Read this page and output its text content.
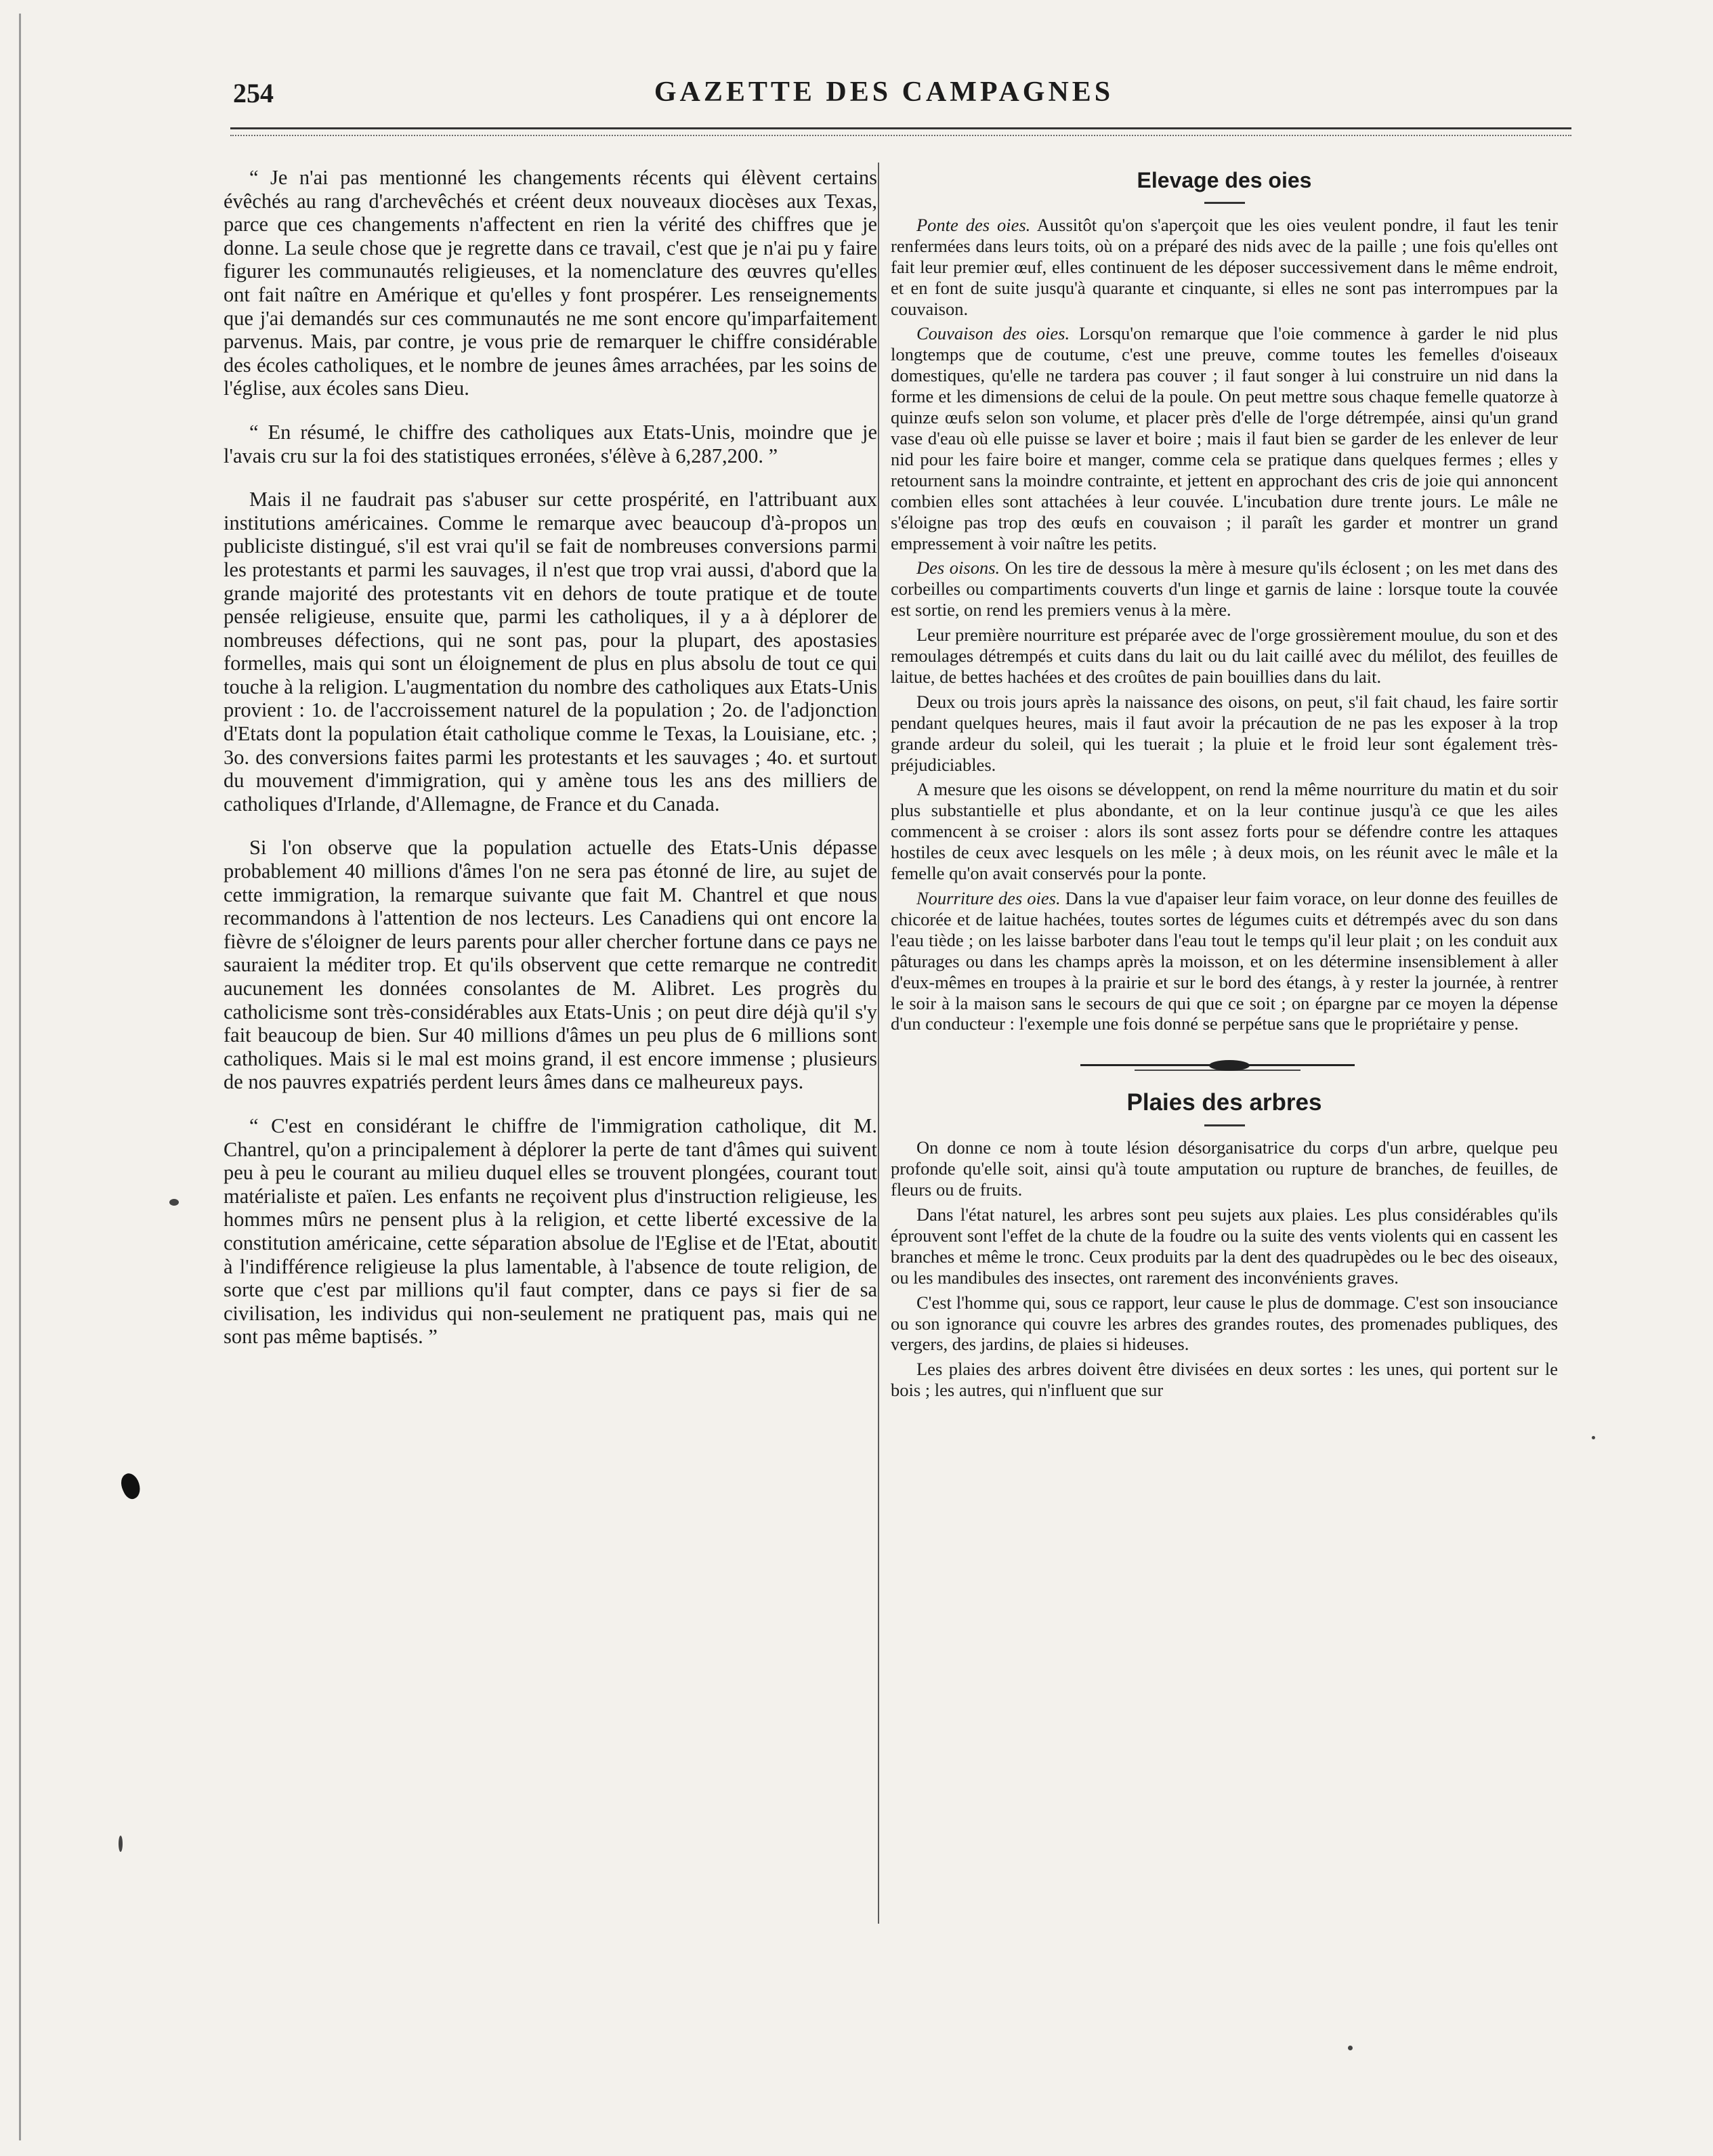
254	GAZETTE DES CAMPAGNES

“ Je n'ai pas mentionné les changements récents qui élèvent certains évêchés au rang d'archevêchés et créent deux nouveaux diocèses aux Texas, parce que ces changements n'affectent en rien la vérité des chiffres que je donne. La seule chose que je regrette dans ce travail, c'est que je n'ai pu y faire figurer les communautés religieuses, et la nomenclature des œuvres qu'elles ont fait naître en Amérique et qu'elles y font prospérer. Les renseignements que j'ai demandés sur ces communautés ne me sont encore qu'imparfaitement parvenus. Mais, par contre, je vous prie de remarquer le chiffre considérable des écoles catholiques, et le nombre de jeunes âmes arrachées, par les soins de l'église, aux écoles sans Dieu.

“ En résumé, le chiffre des catholiques aux Etats-Unis, moindre que je l'avais cru sur la foi des statistiques erronées, s'élève à 6,287,200. ”

Mais il ne faudrait pas s'abuser sur cette prospérité, en l'attribuant aux institutions américaines. Comme le remarque avec beaucoup d'à-propos un publiciste distingué, s'il est vrai qu'il se fait de nombreuses conversions parmi les protestants et parmi les sauvages, il n'est que trop vrai aussi, d'abord que la grande majorité des protestants vit en dehors de toute pratique et de toute pensée religieuse, ensuite que, parmi les catholiques, il y a à déplorer de nombreuses défections, qui ne sont pas, pour la plupart, des apostasies formelles, mais qui sont un éloignement de plus en plus absolu de tout ce qui touche à la religion. L'augmentation du nombre des catholiques aux Etats-Unis provient : 1o. de l'accroissement naturel de la population ; 2o. de l'adjonction d'Etats dont la population était catholique comme le Texas, la Louisiane, etc. ; 3o. des conversions faites parmi les protestants et les sauvages ; 4o. et surtout du mouvement d'immigration, qui y amène tous les ans des milliers de catholiques d'Irlande, d'Allemagne, de France et du Canada.

Si l'on observe que la population actuelle des Etats-Unis dépasse probablement 40 millions d'âmes l'on ne sera pas étonné de lire, au sujet de cette immigration, la remarque suivante que fait M. Chantrel et que nous recommandons à l'attention de nos lecteurs. Les Canadiens qui ont encore la fièvre de s'éloigner de leurs parents pour aller chercher fortune dans ce pays ne sauraient la méditer trop. Et qu'ils observent que cette remarque ne contredit aucunement les données consolantes de M. Alibret. Les progrès du catholicisme sont très-considérables aux Etats-Unis ; on peut dire déjà qu'il s'y fait beaucoup de bien. Sur 40 millions d'âmes un peu plus de 6 millions sont catholiques. Mais si le mal est moins grand, il est encore immense ; plusieurs de nos pauvres expatriés perdent leurs âmes dans ce malheureux pays.

“ C'est en considérant le chiffre de l'immigration catholique, dit M. Chantrel, qu'on a principalement à déplorer la perte de tant d'âmes qui suivent peu à peu le courant au milieu duquel elles se trouvent plongées, courant tout matérialiste et païen. Les enfants ne reçoivent plus d'instruction religieuse, les hommes mûrs ne pensent plus à la religion, et cette liberté excessive de la constitution américaine, cette séparation absolue de l'Eglise et de l'Etat, aboutit à l'indifférence religieuse la plus lamentable, à l'absence de toute religion, de sorte que c'est par millions qu'il faut compter, dans ce pays si fier de sa civilisation, les individus qui non-seulement ne pratiquent pas, mais qui ne sont pas même baptisés. ”

Elevage des oies

Ponte des oies. Aussitôt qu'on s'aperçoit que les oies veulent pondre, il faut les tenir renfermées dans leurs toits, où on a préparé des nids avec de la paille ; une fois qu'elles ont fait leur premier œuf, elles continuent de les déposer successivement dans le même endroit, et en font de suite jusqu'à quarante et cinquante, si elles ne sont pas interrompues par la couvaison.

Couvaison des oies. Lorsqu'on remarque que l'oie commence à garder le nid plus longtemps que de coutume, c'est une preuve, comme toutes les femelles d'oiseaux domestiques, qu'elle ne tardera pas couver ; il faut songer à lui construire un nid dans la forme et les dimensions de celui de la poule. On peut mettre sous chaque femelle quatorze à quinze œufs selon son volume, et placer près d'elle de l'orge détrempée, ainsi qu'un grand vase d'eau où elle puisse se laver et boire ; mais il faut bien se garder de les enlever de leur nid pour les faire boire et manger, comme cela se pratique dans quelques fermes ; elles y retournent sans la moindre contrainte, et jettent en approchant des cris de joie qui annoncent combien elles sont attachées à leur couvée. L'incubation dure trente jours. Le mâle ne s'éloigne pas trop des œufs en couvaison ; il paraît les garder et montrer un grand empressement à voir naître les petits.

Des oisons. On les tire de dessous la mère à mesure qu'ils éclosent ; on les met dans des corbeilles ou compartiments couverts d'un linge et garnis de laine : lorsque toute la couvée est sortie, on rend les premiers venus à la mère.

Leur première nourriture est préparée avec de l'orge grossièrement moulue, du son et des remoulages détrempés et cuits dans du lait ou du lait caillé avec du mélilot, des feuilles de laitue, de bettes hachées et des croûtes de pain bouillies dans du lait.

Deux ou trois jours après la naissance des oisons, on peut, s'il fait chaud, les faire sortir pendant quelques heures, mais il faut avoir la précaution de ne pas les exposer à la trop grande ardeur du soleil, qui les tuerait ; la pluie et le froid leur sont également très-préjudiciables.

A mesure que les oisons se développent, on rend la même nourriture du matin et du soir plus substantielle et plus abondante, et on la leur continue jusqu'à ce que les ailes commencent à se croiser : alors ils sont assez forts pour se défendre contre les attaques hostiles de ceux avec lesquels on les mêle ; à deux mois, on les réunit avec le mâle et la femelle qu'on avait conservés pour la ponte.

Nourriture des oies. Dans la vue d'apaiser leur faim vorace, on leur donne des feuilles de chicorée et de laitue hachées, toutes sortes de légumes cuits et détrempés avec du son dans l'eau tiède ; on les laisse barboter dans l'eau tout le temps qu'il leur plait ; on les conduit aux pâturages ou dans les champs après la moisson, et on les détermine insensiblement à aller d'eux-mêmes en troupes à la prairie et sur le bord des étangs, à y rester la journée, à rentrer le soir à la maison sans le secours de qui que ce soit ; on épargne par ce moyen la dépense d'un conducteur : l'exemple une fois donné se perpétue sans que le propriétaire y pense.

Plaies des arbres

On donne ce nom à toute lésion désorganisatrice du corps d'un arbre, quelque peu profonde qu'elle soit, ainsi qu'à toute amputation ou rupture de branches, de feuilles, de fleurs ou de fruits.

Dans l'état naturel, les arbres sont peu sujets aux plaies. Les plus considérables qu'ils éprouvent sont l'effet de la chute de la foudre ou la suite des vents violents qui en cassent les branches et même le tronc. Ceux produits par la dent des quadrupèdes ou le bec des oiseaux, ou les mandibules des insectes, ont rarement des inconvénients graves.

C'est l'homme qui, sous ce rapport, leur cause le plus de dommage. C'est son insouciance ou son ignorance qui couvre les arbres des grandes routes, des promenades publiques, des vergers, des jardins, de plaies si hideuses.

Les plaies des arbres doivent être divisées en deux sortes : les unes, qui portent sur le bois ; les autres, qui n'influent que sur
